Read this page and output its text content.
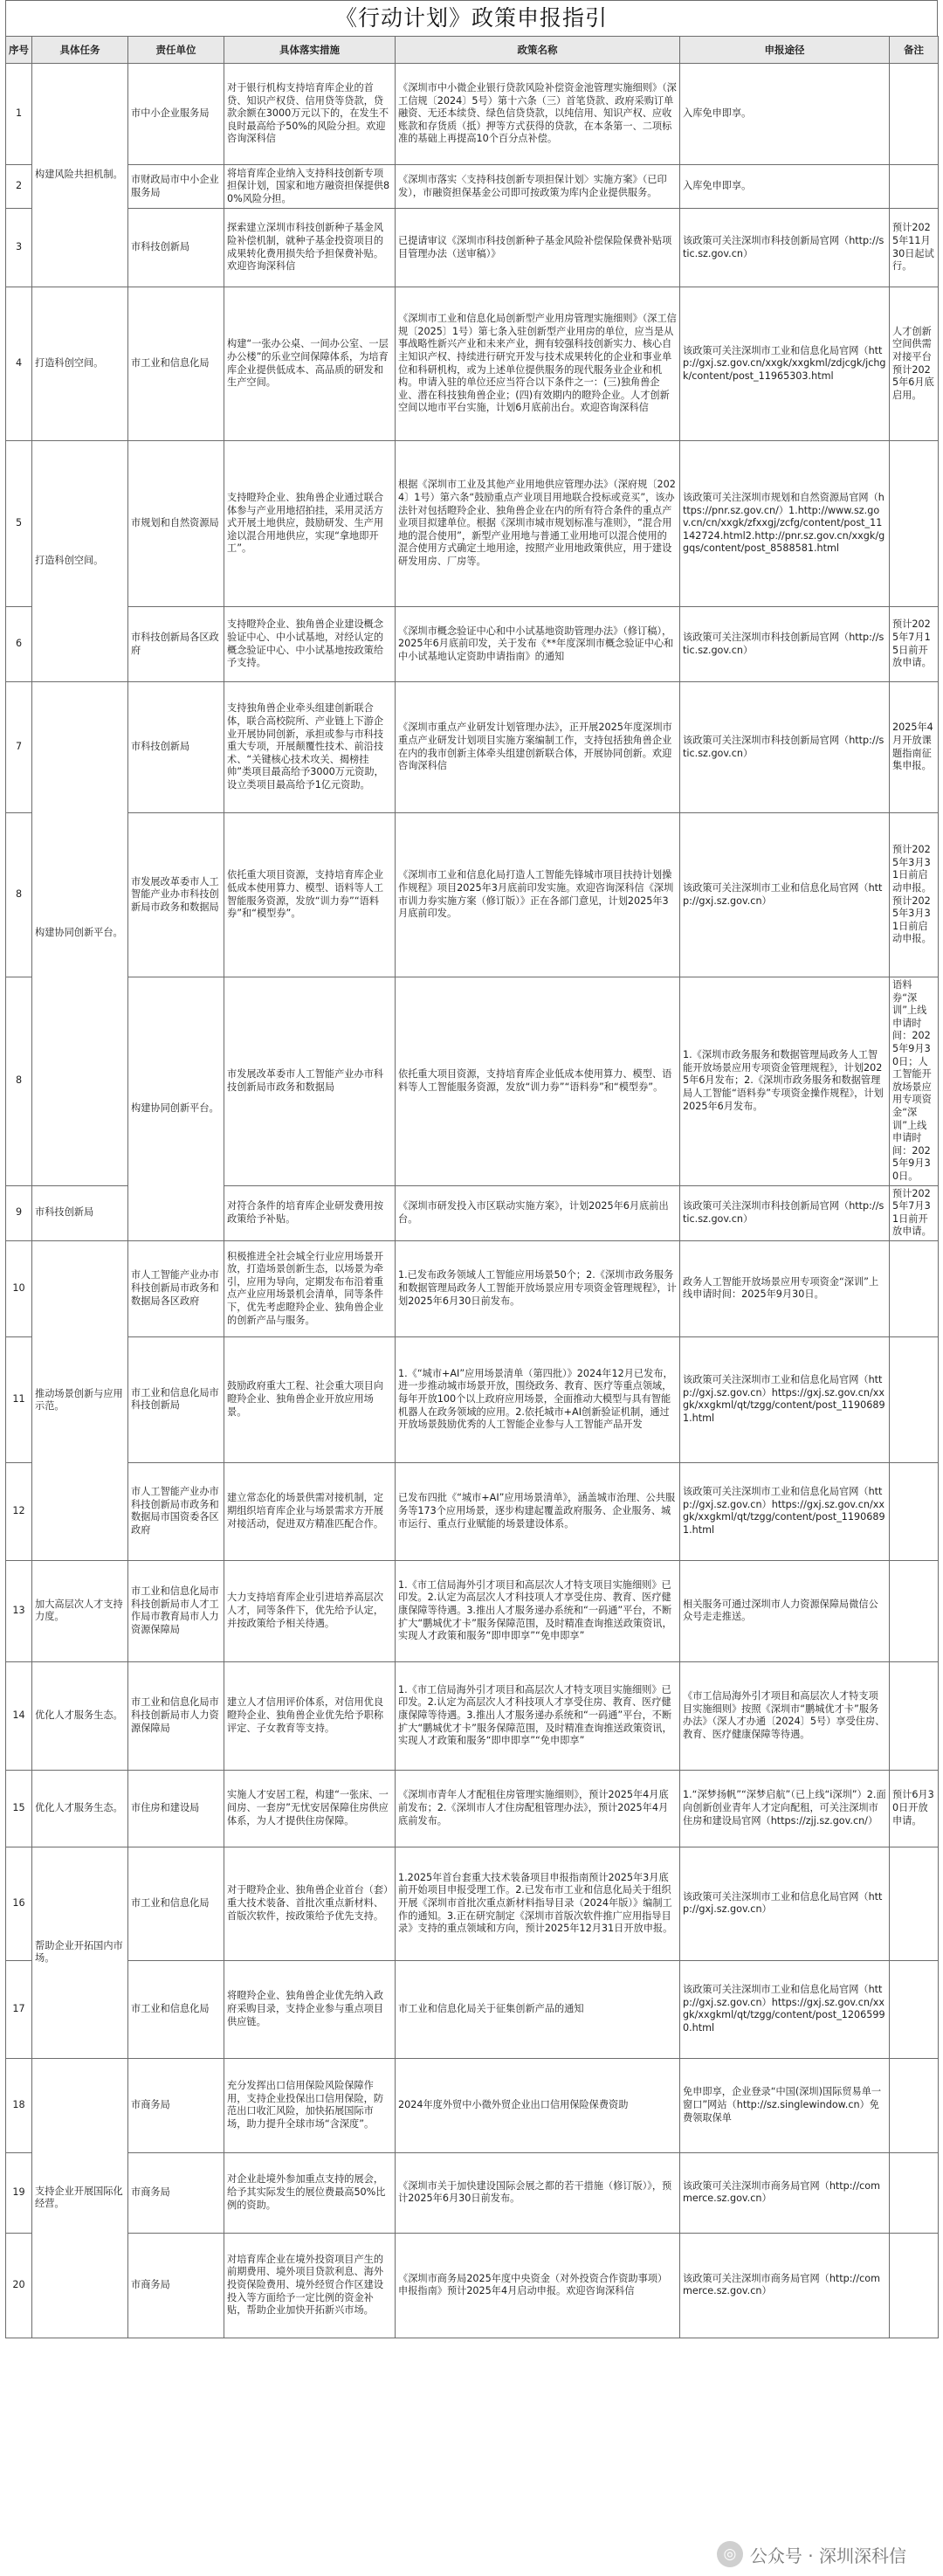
《行动计划》政策申报指引
序号	具体任务	责任单位	具体落实措施	政策名称	申报途径	备注	
1	构建风险共担机制。	市中小企业服务局	对于银行机构支持培育库企业的首贷、知识产权贷、信用贷等贷款，贷款余额在3000万元以下的，在发生不良时最高给予50%的风险分担。欢迎咨询深科信	《深圳市中小微企业银行贷款风险补偿资金池管理实施细则》（深工信规〔2024〕5号）第十六条（三）首笔贷款、政府采购订单融资、无还本续贷、绿色信贷贷款，以纯信用、知识产权、应收账款和存货质（抵）押等方式获得的贷款，在本条第一、二项标准的基础上再提高10个百分点补偿。	入库免申即享。		
2		市财政局市中小企业服务局	将培育库企业纳入支持科技创新专项担保计划，国家和地方融资担保提供80%风险分担。	《深圳市落实〈支持科技创新专项担保计划〉实施方案》（已印发），市融资担保基金公司即可按政策为库内企业提供服务。	入库免申即享。		
3		市科技创新局	探索建立深圳市科技创新种子基金风险补偿机制，就种子基金投资项目的成果转化费用损失给予担保费补贴。欢迎咨询深科信	已提请审议《深圳市科技创新种子基金风险补偿保险保费补贴项目管理办法（送审稿）》	该政策可关注深圳市科技创新局官网（http://stic.sz.gov.cn）	预计2025年11月30日起试行。	
4	打造科创空间。	市工业和信息化局	构建“一张办公桌、一间办公室、一层办公楼”的乐业空间保障体系，为培育库企业提供低成本、高品质的研发和生产空间。	《深圳市工业和信息化局创新型产业用房管理实施细则》（深工信规〔2025〕1号）第七条入驻创新型产业用房的单位，应当是从事战略性新兴产业和未来产业，拥有较强科技创新实力、核心自主知识产权、持续进行研究开发与技术成果转化的企业和事业单位和科研机构，或为上述单位提供服务的现代服务业企业和机构。申请入驻的单位还应当符合以下条件之一：(三)独角兽企业、潜在科技独角兽企业；(四)有效期内的瞪羚企业。人才创新空间以地市平台实施，计划6月底前出台。欢迎咨询深科信	该政策可关注深圳市工业和信息化局官网（http://gxj.sz.gov.cn/xxgk/xxgkml/zdjcgk/jchgk/content/post_11965303.html	人才创新空间供需对接平台预计2025年6月底启用。	
5	打造科创空间。	市规划和自然资源局	支持瞪羚企业、独角兽企业通过联合体参与产业用地招拍挂，采用灵活方式开展土地供应，鼓励研发、生产用途以混合用地供应，实现“拿地即开工”。	根据《深圳市工业及其他产业用地供应管理办法》（深府规〔2024〕1号）第六条“鼓励重点产业项目用地联合投标或竞买”，该办法针对包括瞪羚企业、独角兽企业在内的所有符合条件的重点产业项目拟建单位。根据《深圳市城市规划标准与准则》，“混合用地的混合使用”，新型产业用地与普通工业用地可以混合使用的混合使用方式确定土地用途，按照产业用地政策供应，用于建设研发用房、厂房等。	该政策可关注深圳市规划和自然资源局官网（https://pnr.sz.gov.cn/）1.http://www.sz.gov.cn/cn/xxgk/zfxxgj/zcfg/content/post_11142724.html2.http://pnr.sz.gov.cn/xxgk/ggqs/content/post_8588581.html		
6		市科技创新局各区政府	支持瞪羚企业、独角兽企业建设概念验证中心、中小试基地，对经认定的概念验证中心、中小试基地按政策给予支持。	《深圳市概念验证中心和中小试基地资助管理办法》（修订稿），2025年6月底前印发，关于发布《**年度深圳市概念验证中心和中小试基地认定资助申请指南》的通知	该政策可关注深圳市科技创新局官网（http://stic.sz.gov.cn）	预计2025年7月15日前开放申请。	
7	构建协同创新平台。	市科技创新局	支持独角兽企业牵头组建创新联合体，联合高校院所、产业链上下游企业开展协同创新，承担或参与市科技重大专项，开展颠覆性技术、前沿技术、“关键核心技术攻关、揭榜挂帅”类项目最高给予3000万元资助，设立类项目最高给予1亿元资助。	《深圳市重点产业研发计划管理办法》，正开展2025年度深圳市重点产业研发计划项目实施方案编制工作，支持包括独角兽企业在内的我市创新主体牵头组建创新联合体，开展协同创新。欢迎咨询深科信	该政策可关注深圳市科技创新局官网（http://stic.sz.gov.cn）	2025年4月开放课题指南征集申报。	
8		市发展改革委市人工智能产业办市科技创新局市政务和数据局	依托重大项目资源，支持培育库企业低成本使用算力、模型、语料等人工智能服务资源，发放“训力券”“语料券”和“模型券”。	《深圳市工业和信息化局打造人工智能先锋城市项目扶持计划操作规程》项目2025年3月底前印发实施。欢迎咨询深科信《深圳市训力券实施方案（修订版）》正在各部门意见，计划2025年3月底前印发。	该政策可关注深圳市工业和信息化局官网（http://gxj.sz.gov.cn）	预计2025年3月31日前启动申报。预计2025年3月31日前启动申报。	
8		构建协同创新平台。	市发展改革委市人工智能产业办市科技创新局市政务和数据局	依托重大项目资源，支持培育库企业低成本使用算力、模型、语料等人工智能服务资源，发放“训力券”“语料券”和“模型券”。	1.《深圳市政务服务和数据管理局政务人工智能开放场景应用专项资金管理规程》，计划2025年6月发布；2.《深圳市政务服务和数据管理局人工智能“语料券”专项资金操作规程》，计划2025年6月发布。	语料券“深训”上线申请时间：2025年9月30日；人工智能开放场景应用专项资金“深训”上线申请时间：2025年9月30日。	
9	市科技创新局		对符合条件的培育库企业研发费用按政策给予补贴。	《深圳市研发投入市区联动实施方案》，计划2025年6月底前出台。	该政策可关注深圳市科技创新局官网（http://stic.sz.gov.cn）	预计2025年7月31日前开放申请。	
10	推动场景创新与应用示范。	市人工智能产业办市科技创新局市政务和数据局各区政府	积极推进全社会城全行业应用场景开放，打造场景创新生态，以场景为牵引，应用为导向，定期发布布沿着重点产业应用场景机会清单，同等条件下，优先考虑瞪羚企业、独角兽企业的创新产品与服务。	1.已发布政务领域人工智能应用场景50个；2.《深圳市政务服务和数据管理局政务人工智能开放场景应用专项资金管理规程》，计划2025年6月30日前发布。	政务人工智能开放场景应用专项资金“深训”上线申请时间：2025年9月30日。		
11		市工业和信息化局市科技创新局	鼓励政府重大工程、社会重大项目向瞪羚企业、独角兽企业开放应用场景。	1.《“城市+AI”应用场景清单（第四批）》2024年12月已发布，进一步推动城市场景开放，围绕政务、教育、医疗等重点领域，每年开放100个以上政府应用场景，全面推动大模型与具有智能机器人在政务领域的应用。2.依托城市+AI创新验证机制，通过开放场景鼓励优秀的人工智能企业参与人工智能产品开发	该政策可关注深圳市工业和信息化局官网（http://gxj.sz.gov.cn）https://gxj.sz.gov.cn/xxgk/xxgkml/qt/tzgg/content/post_11906891.html		
12		市人工智能产业办市科技创新局市政务和数据局市国资委各区政府	建立常态化的场景供需对接机制，定期组织培育库企业与场景需求方开展对接活动，促进双方精准匹配合作。	已发布四批《“城市+AI”应用场景清单》，涵盖城市治理、公共服务等173个应用场景，逐步构建起覆盖政府服务、企业服务、城市运行、重点行业赋能的场景建设体系。	该政策可关注深圳市工业和信息化局官网（http://gxj.sz.gov.cn）https://gxj.sz.gov.cn/xxgk/xxgkml/qt/tzgg/content/post_11906891.html		
13	加大高层次人才支持力度。	市工业和信息化局市科技创新局市人才工作局市教育局市人力资源保障局	大力支持培育库企业引进培养高层次人才，同等条件下，优先给予认定，并按政策给予相关待遇。	1.《市工信局海外引才项目和高层次人才特支项目实施细则》已印发。2.认定为高层次人才科技项人才享受住房、教育、医疗健康保障等待遇。3.推出人才服务递办系统和“一码通”平台，不断扩大“鹏城优才卡”服务保障范围，及时精准查询推送政策资讯，实现人才政策和服务“即申即享”“免申即享”	相关服务可通过深圳市人力资源保障局微信公众号走走推送。		
14	优化人才服务生态。	市工业和信息化局市科技创新局市人力资源保障局	建立人才信用评价体系，对信用优良瞪羚企业、独角兽企业优先给予职称评定、子女教育等支持。	1.《市工信局海外引才项目和高层次人才特支项目实施细则》已印发。2.认定为高层次人才科技项人才享受住房、教育、医疗健康保障等待遇。3.推出人才服务递办系统和“一码通”平台，不断扩大“鹏城优才卡”服务保障范围，及时精准查询推送政策资讯，实现人才政策和服务“即申即享”“免申即享”	《市工信局海外引才项目和高层次人才特支项目实施细则》按照《深圳市“鹏城优才卡”服务办法》（深人才办通〔2024〕5号）享受住房、教育、医疗健康保障等待遇。		
15	优化人才服务生态。	市住房和建设局	实施人才安居工程，构建“一张床、一间房、一套房”无忧安居保障住房供应体系，为人才提供住房保障。	《深圳市青年人才配租住房管理实施细则》，预计2025年4月底前发布；2.《深圳市人才住房配租管理办法》，预计2025年4月底前发布。	1.“深梦扬帆”“深梦启航”（已上线“i深圳”）2.面向创新创业青年人才定向配租，可关注深圳市住房和建设局官网（https://zjj.sz.gov.cn/）	预计6月30日开放申请。	
16	帮助企业开拓国内市场。	市工业和信息化局	对于瞪羚企业、独角兽企业首台（套）重大技术装备、首批次重点新材料、首版次软件，按政策给予优先支持。	1.2025年首台套重大技术装备项目申报指南预计2025年3月底前开始项目申报受理工作。2.已发布市工业和信息化局关于组织开展《深圳市首批次重点新材料指导目录（2024年版）》编制工作的通知。3.正在研究制定《深圳市首版次软件推广应用指导目录》支持的重点领域和方向，预计2025年12月31日开放申报。	该政策可关注深圳市工业和信息化局官网（http://gxj.sz.gov.cn）		
17		市工业和信息化局	将瞪羚企业、独角兽企业优先纳入政府采购目录，支持企业参与重点项目供应链。	市工业和信息化局关于征集创新产品的通知	该政策可关注深圳市工业和信息化局官网（http://gxj.sz.gov.cn）https://gxj.sz.gov.cn/xxgk/xxgkml/qt/tzgg/content/post_12065990.html		
18	支持企业开展国际化经营。	市商务局	充分发挥出口信用保险风险保障作用，支持企业投保出口信用保险，防范出口收汇风险，加快拓展国际市场，助力提升全球市场“含深度”。	2024年度外贸中小微外贸企业出口信用保险保费资助	免申即享，企业登录“中国(深圳)国际贸易单一窗口”网站（http://sz.singlewindow.cn）免费领取保单		
19		市商务局	对企业赴境外参加重点支持的展会，给予其实际发生的展位费最高50%比例的资助。	《深圳市关于加快建设国际会展之都的若干措施（修订版）》，预计2025年6月30日前发布。	该政策可关注深圳市商务局官网（http://commerce.sz.gov.cn）		
20		市商务局	对培育库企业在境外投资项目产生的前期费用、境外项目贷款利息、海外投资保险费用、境外经贸合作区建设投入等方面给予一定比例的资金补贴，帮助企业加快开拓新兴市场。	《深圳市商务局2025年度中央资金（对外投资合作资助事项）申报指南》预计2025年4月启动申报。欢迎咨询深科信	该政策可关注深圳市商务局官网（http://commerce.sz.gov.cn）		
◎ 公众号 · 深圳深科信
